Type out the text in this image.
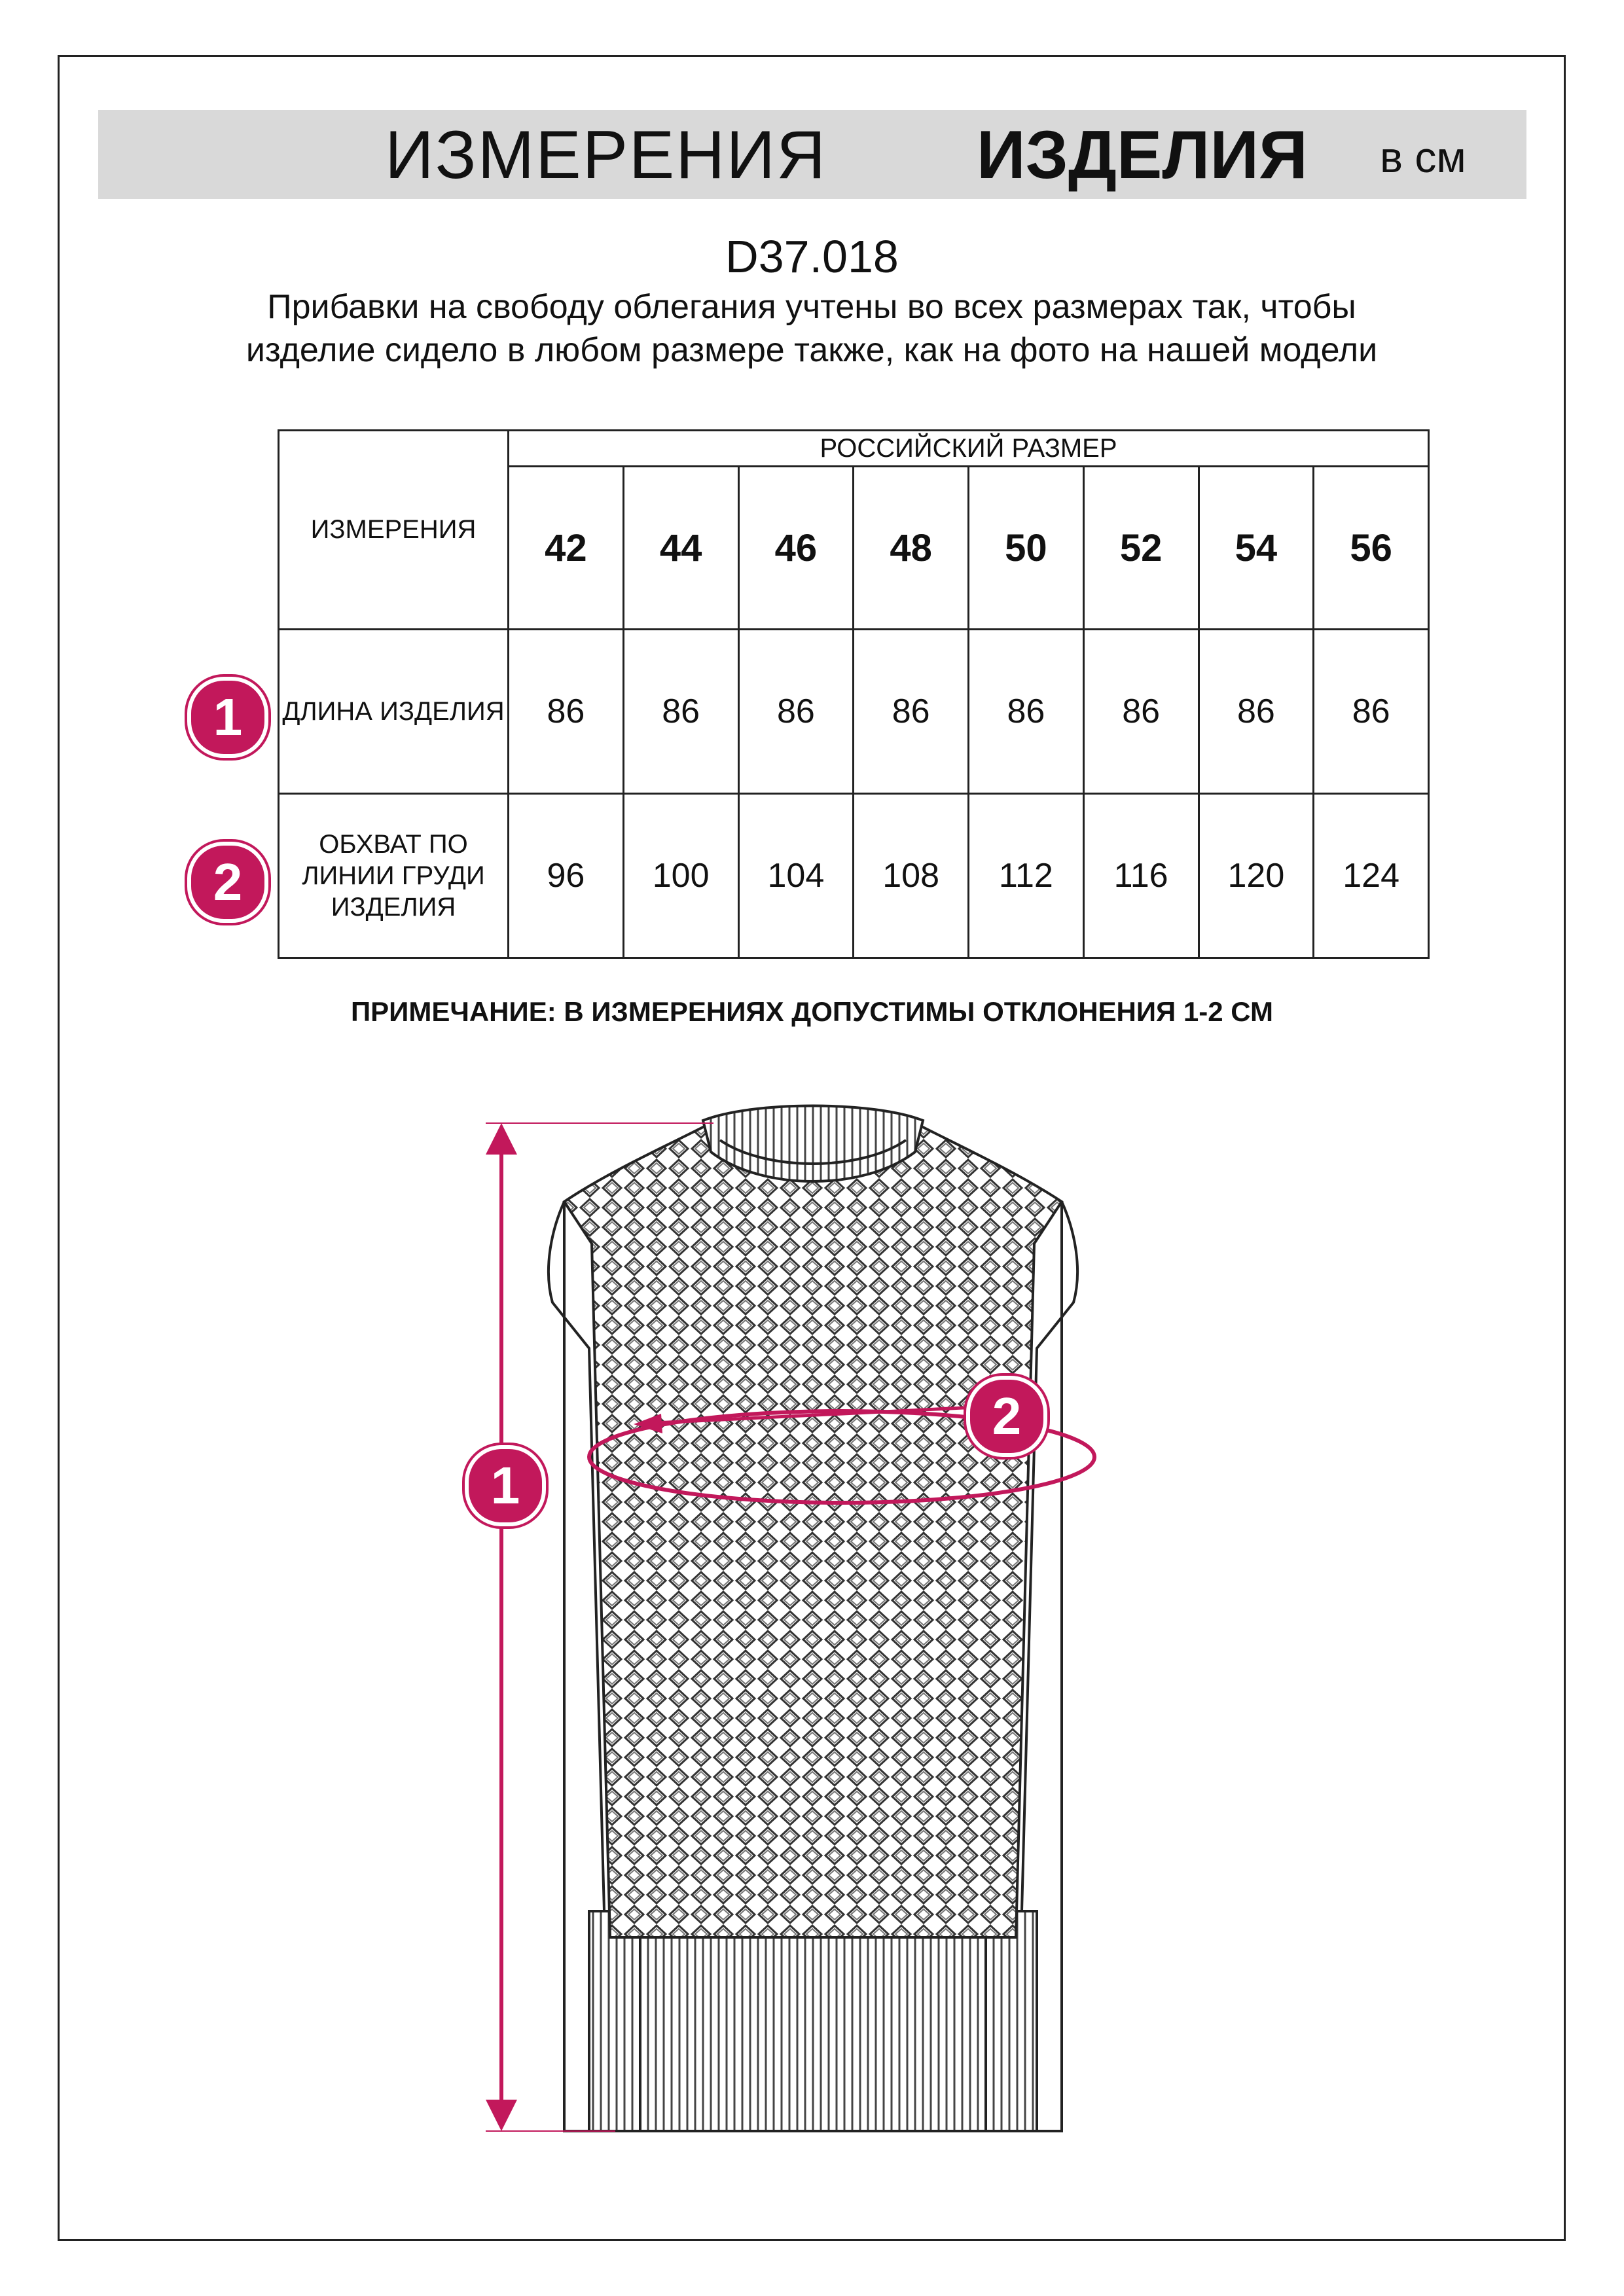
ИЗМЕРЕНИЯ ИЗДЕЛИЯ в см
D37.018
Прибавки на свободу облегания учтены во всех размерах так, чтобы изделие сидело в любом размере также, как на фото на нашей модели
ИЗМЕРЕНИЯ	РОССИЙСКИЙ РАЗМЕР							
	42	44	46	48	50	52	54	56
ДЛИНА ИЗДЕЛИЯ	86	86	86	86	86	86	86	86
ОБХВАТ ПО ЛИНИИ ГРУДИ ИЗДЕЛИЯ	96	100	104	108	112	116	120	124
1
2
ПРИМЕЧАНИЕ: В ИЗМЕРЕНИЯХ ДОПУСТИМЫ ОТКЛОНЕНИЯ 1-2 СМ
1
2
